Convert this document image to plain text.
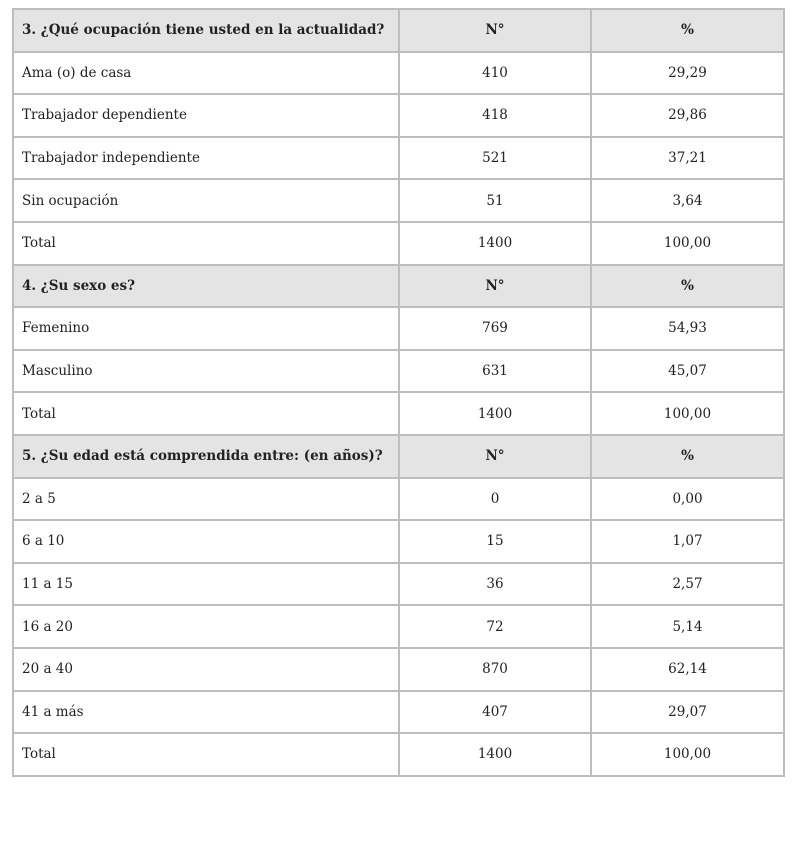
3. ¿Qué ocupación tiene usted en la actualidad?	N°	%
Ama (o) de casa	410	29,29
Trabajador dependiente	418	29,86
Trabajador independiente	521	37,21
Sin ocupación	51	3,64
Total	1400	100,00
4. ¿Su sexo es?	N°	%
Femenino	769	54,93
Masculino	631	45,07
Total	1400	100,00
5. ¿Su edad está comprendida entre: (en años)?	N°	%
2 a 5	0	0,00
6 a 10	15	1,07
11 a 15	36	2,57
16 a 20	72	5,14
20 a 40	870	62,14
41 a más	407	29,07
Total	1400	100,00
